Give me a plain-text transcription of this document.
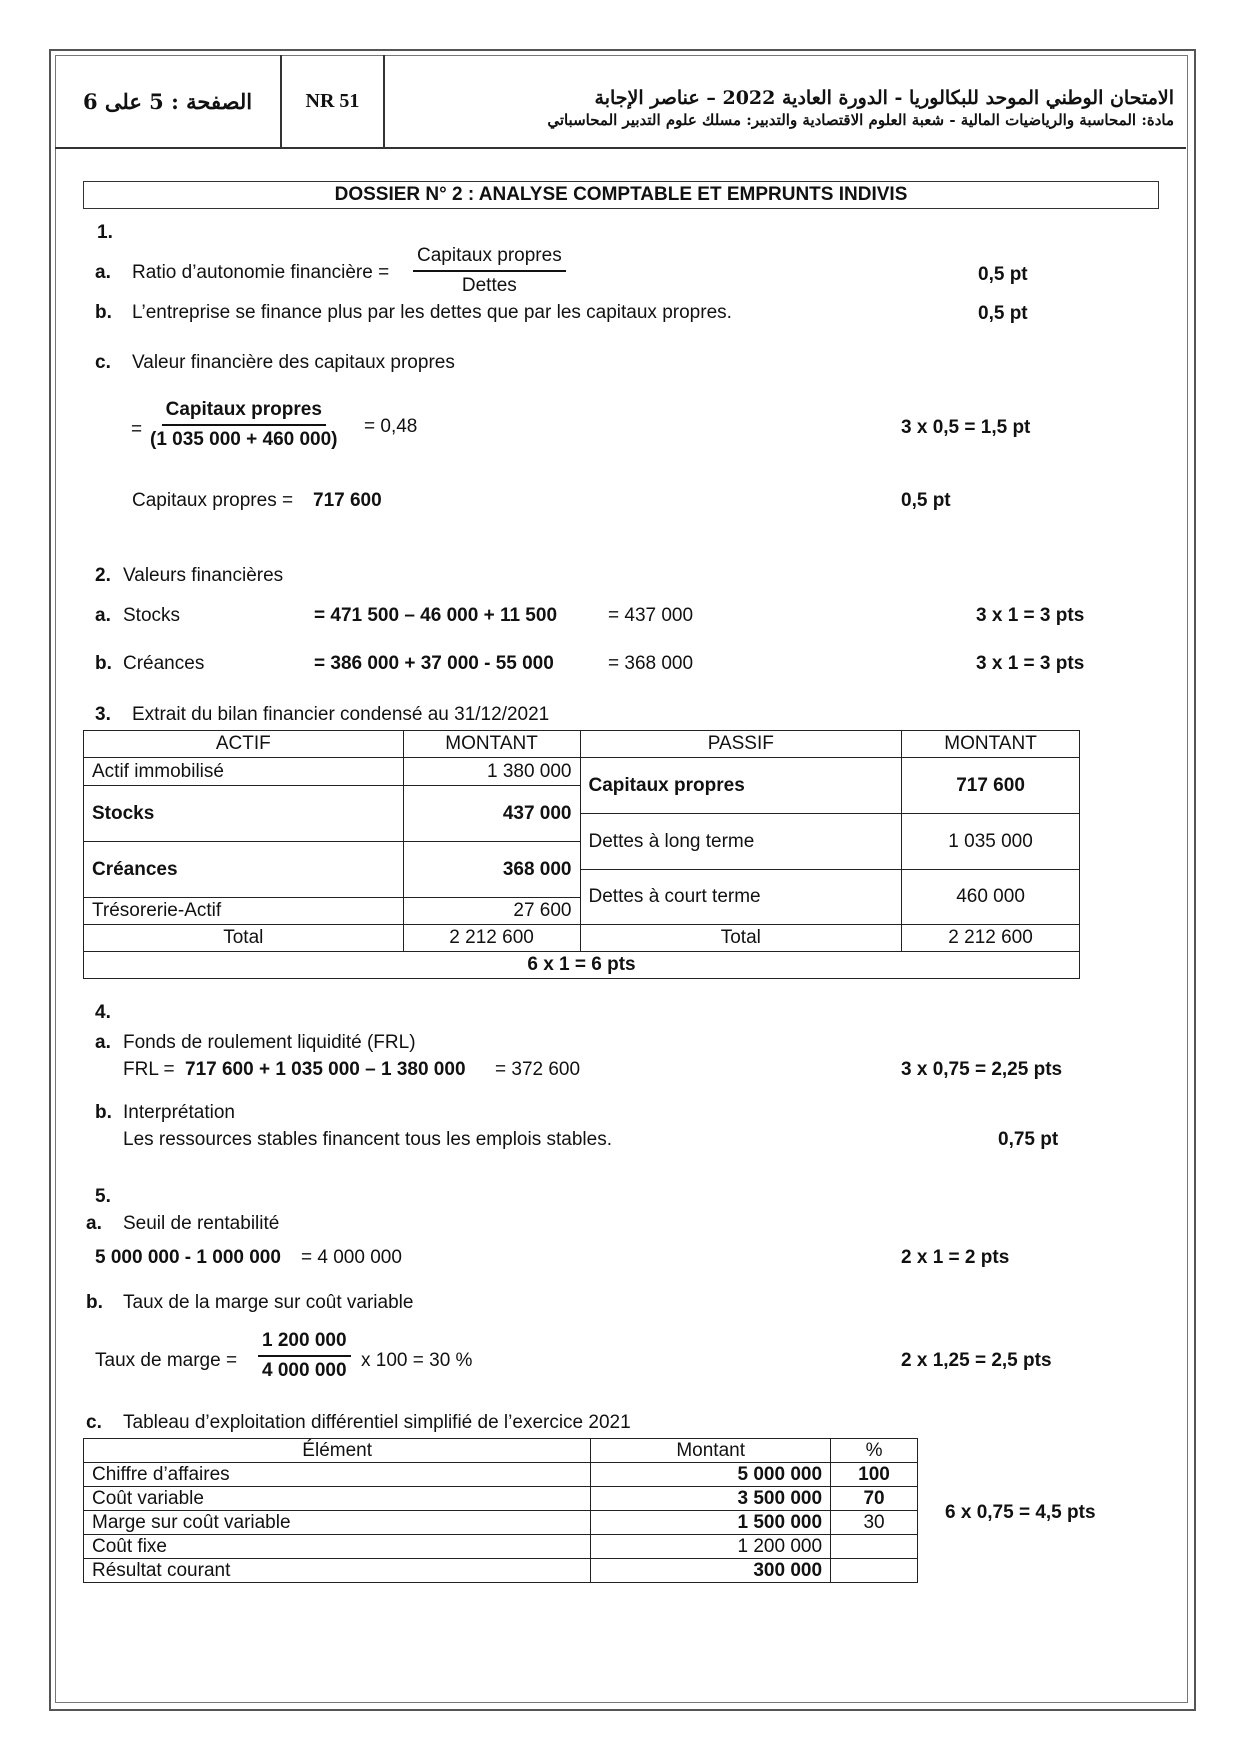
الصفحة : 5 على 6	NR 51	الامتحان الوطني الموحد للبكالوريا - الدورة العادية 2022 – عناصر الإجابة
مادة: المحاسبة والرياضيات المالية - شعبة العلوم الاقتصادية والتدبير: مسلك علوم التدبير المحاسباتي
DOSSIER N° 2 : ANALYSE COMPTABLE ET EMPRUNTS INDIVIS
1.
a. Ratio d’autonomie financière =
Capitaux propres
Dettes
0,5 pt
b. L’entreprise se finance plus par les dettes que par les capitaux propres.	0,5 pt
c. Valeur financière des capitaux propres
=
Capitaux propres
(1 035 000 + 460 000)
= 0,48	3 x 0,5 = 1,5 pt
Capitaux propres = 717 600	0,5 pt
2. Valeurs financières
a. Stocks	= 471 500 – 46 000 + 11 500	= 437 000	3 x 1 = 3 pts
b. Créances	= 386 000 + 37 000 - 55 000	= 368 000	3 x 1 = 3 pts
3. Extrait du bilan financier condensé au 31/12/2021
ACTIF	MONTANT	PASSIF	MONTANT
Actif immobilisé	1 380 000	Capitaux propres	717 600
Stocks	437 000		
		Dettes à long terme	1 035 000
Créances	368 000		
		Dettes à court terme	460 000
Trésorerie-Actif	27 600		
Total	2 212 600	Total	2 212 600
6 x 1 = 6 pts			
4.
a. Fonds de roulement liquidité (FRL)
FRL = 717 600 + 1 035 000 – 1 380 000 = 372 600	3 x 0,75 = 2,25 pts
b. Interprétation
Les ressources stables financent tous les emplois stables.	0,75 pt
5.
a. Seuil de rentabilité
5 000 000 - 1 000 000 = 4 000 000	2 x 1 = 2 pts
b. Taux de la marge sur coût variable
Taux de marge = $\frac{1 200 000}{4 000 000}$ x 100 = 30 %	2 x 1,25 = 2,5 pts
c. Tableau d’exploitation différentiel simplifié de l’exercice 2021
Élément	Montant	%
Chiffre d’affaires	5 000 000	100
Coût variable	3 500 000	70
Marge sur coût variable	1 500 000	30
Coût fixe	1 200 000	
Résultat courant	300 000	
6 x 0,75 = 4,5 pts
